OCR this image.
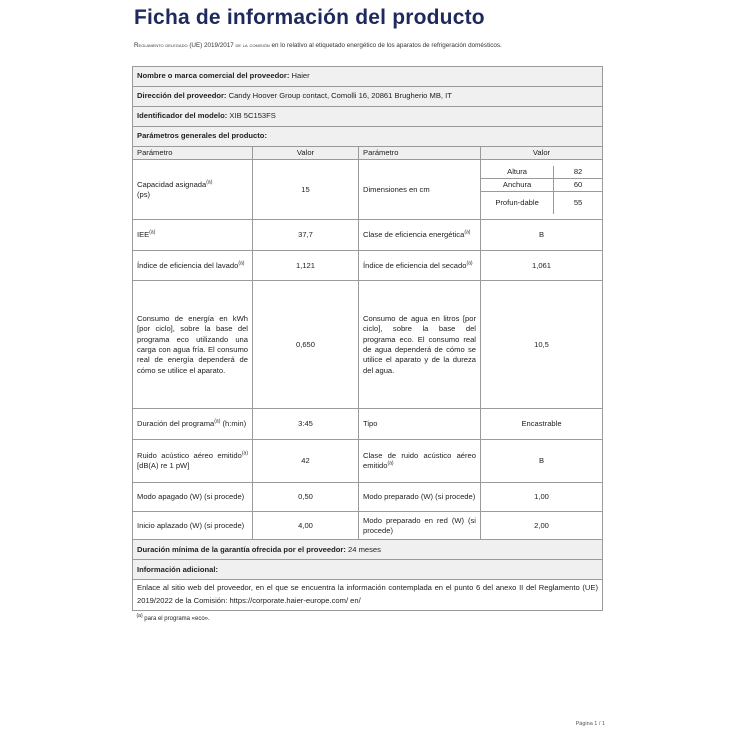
Ficha de información del producto
Reglamento delegado (UE) 2019/2017 de la comisión en lo relativo al etiquetado energético de los aparatos de refrigeración domésticos.
Nombre o marca comercial del proveedor: Haier
Dirección del proveedor: Candy Hoover Group contact, Comolli 16, 20861 Brugherio MB, IT
Identificador del modelo: XIB 5C153FS
Parámetros generales del producto:
Parámetro	Valor	Parámetro	Valor
Capacidad asignada$^{(a)}$
(ps)	15	Dimensiones en cm	
Altura	82
Anchura	60
Profun-dable	55

IEE$^{(a)}$	37,7	Clase de eficiencia energética$^{(a)}$	B
Índice de eficiencia del lavado$^{(a)}$	1,121	Índice de eficiencia del secado$^{(a)}$	1,061
Consumo de energía en kWh [por ciclo], sobre la base del programa eco utilizando una carga con agua fría. El consumo real de energía dependerá de cómo se utilice el aparato.	0,650	Consumo de agua en litros [por ciclo], sobre la base del programa eco. El consumo real de agua dependerá de cómo se utilice el aparato y de la dureza del agua.	10,5
Duración del programa$^{(a)}$ (h:min)	3:45	Tipo	Encastrable
Ruido acústico aéreo emitido$^{(a)}$ [dB(A) re 1 pW]	42	Clase de ruido acústico aéreo emitido$^{(a)}$	B
Modo apagado (W) (si procede)	0,50	Modo preparado (W) (si procede)	1,00
Inicio aplazado (W) (si procede)	4,00	Modo preparado en red (W) (si procede)	2,00
Duración mínima de la garantía ofrecida por el proveedor: 24 meses
Información adicional:
Enlace al sitio web del proveedor, en el que se encuentra la información contemplada en el punto 6 del anexo II del Reglamento (UE) 2019/2022 de la Comisión: https://corporate.haier-europe.com/ en/
$^{(a)}$ para el programa «eco».
Página 1 / 1
